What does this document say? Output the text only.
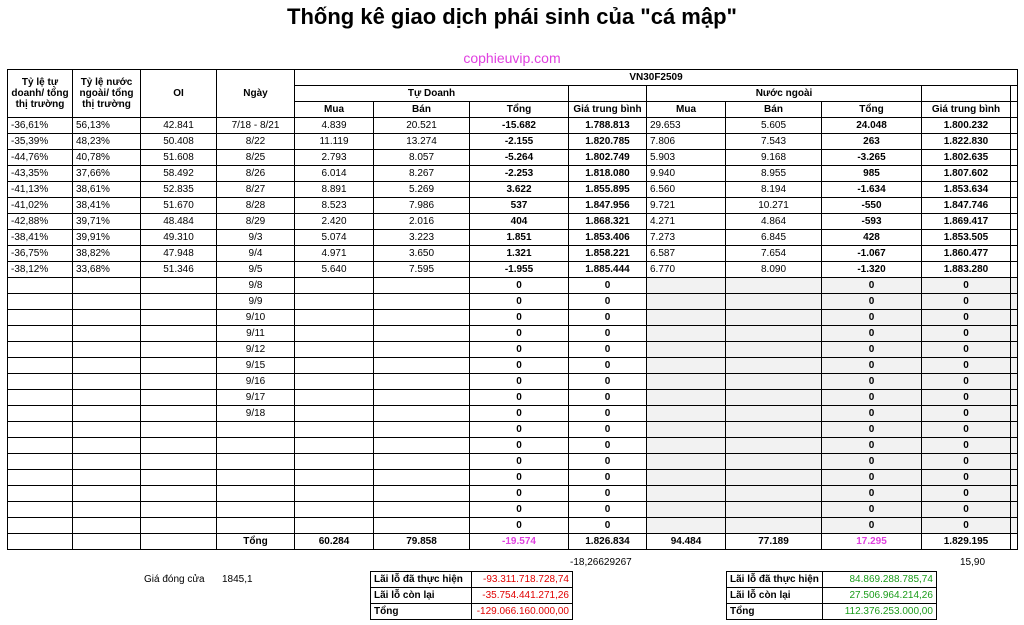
Thống kê giao dịch phái sinh của "cá mập"
cophieuvip.com
Tỷ lệ tự doanh/ tổng thị trường	Tỷ lệ nước ngoài/ tổng thị trường	OI	Ngày	VN30F2509								
				Tự Doanh				Nước ngoài				
				Mua	Bán	Tổng	Giá trung bình	Mua	Bán	Tổng	Giá trung bình	
-36,61%	56,13%	42.841	7/18 - 8/21	4.839	20.521	-15.682	1.788.813	29.653	5.605	24.048	1.800.232	
-35,39%	48,23%	50.408	8/22	11.119	13.274	-2.155	1.820.785	7.806	7.543	263	1.822.830	
-44,76%	40,78%	51.608	8/25	2.793	8.057	-5.264	1.802.749	5.903	9.168	-3.265	1.802.635	
-43,35%	37,66%	58.492	8/26	6.014	8.267	-2.253	1.818.080	9.940	8.955	985	1.807.602	
-41,13%	38,61%	52.835	8/27	8.891	5.269	3.622	1.855.895	6.560	8.194	-1.634	1.853.634	
-41,02%	38,41%	51.670	8/28	8.523	7.986	537	1.847.956	9.721	10.271	-550	1.847.746	
-42,88%	39,71%	48.484	8/29	2.420	2.016	404	1.868.321	4.271	4.864	-593	1.869.417	
-38,41%	39,91%	49.310	9/3	5.074	3.223	1.851	1.853.406	7.273	6.845	428	1.853.505	
-36,75%	38,82%	47.948	9/4	4.971	3.650	1.321	1.858.221	6.587	7.654	-1.067	1.860.477	
-38,12%	33,68%	51.346	9/5	5.640	7.595	-1.955	1.885.444	6.770	8.090	-1.320	1.883.280	
			9/8			0	0			0	0	
			9/9			0	0			0	0	
			9/10			0	0			0	0	
			9/11			0	0			0	0	
			9/12			0	0			0	0	
			9/15			0	0			0	0	
			9/16			0	0			0	0	
			9/17			0	0			0	0	
			9/18			0	0			0	0	
						0	0			0	0	
						0	0			0	0	
						0	0			0	0	
						0	0			0	0	
						0	0			0	0	
						0	0			0	0	
						0	0			0	0	
			Tổng	60.284	79.858	-19.574	1.826.834	94.484	77.189	17.295	1.829.195	
-18,26629267	15,90
Giá đóng cửa 1845,1	Lãi lỗ đã thực hiện	-93.311.718.728,74
Lãi lỗ còn lại	-35.754.441.271,26
Tổng	-129.066.160.000,00
Lãi lỗ đã thực hiện	84.869.288.785,74
Lãi lỗ còn lại	27.506.964.214,26
Tổng	112.376.253.000,00
